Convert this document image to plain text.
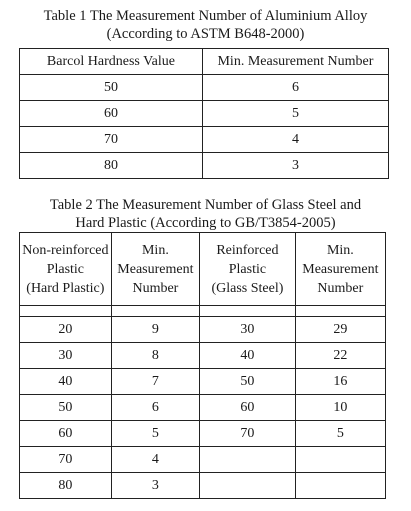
Table 1 The Measurement Number of Aluminium Alloy
(According to ASTM B648-2000)
Barcol Hardness Value	Min. Measurement Number
50	6
60	5
70	4
80	3
Table 2 The Measurement Number of Glass Steel and
Hard Plastic (According to GB/T3854-2005)
Non-reinforced
Plastic
(Hard Plastic)	Min.
Measurement
Number	Reinforced
Plastic
(Glass Steel)	Min.
Measurement
Number

20	9	30	29
30	8	40	22
40	7	50	16
50	6	60	10
60	5	70	5
70	4		
80	3		
